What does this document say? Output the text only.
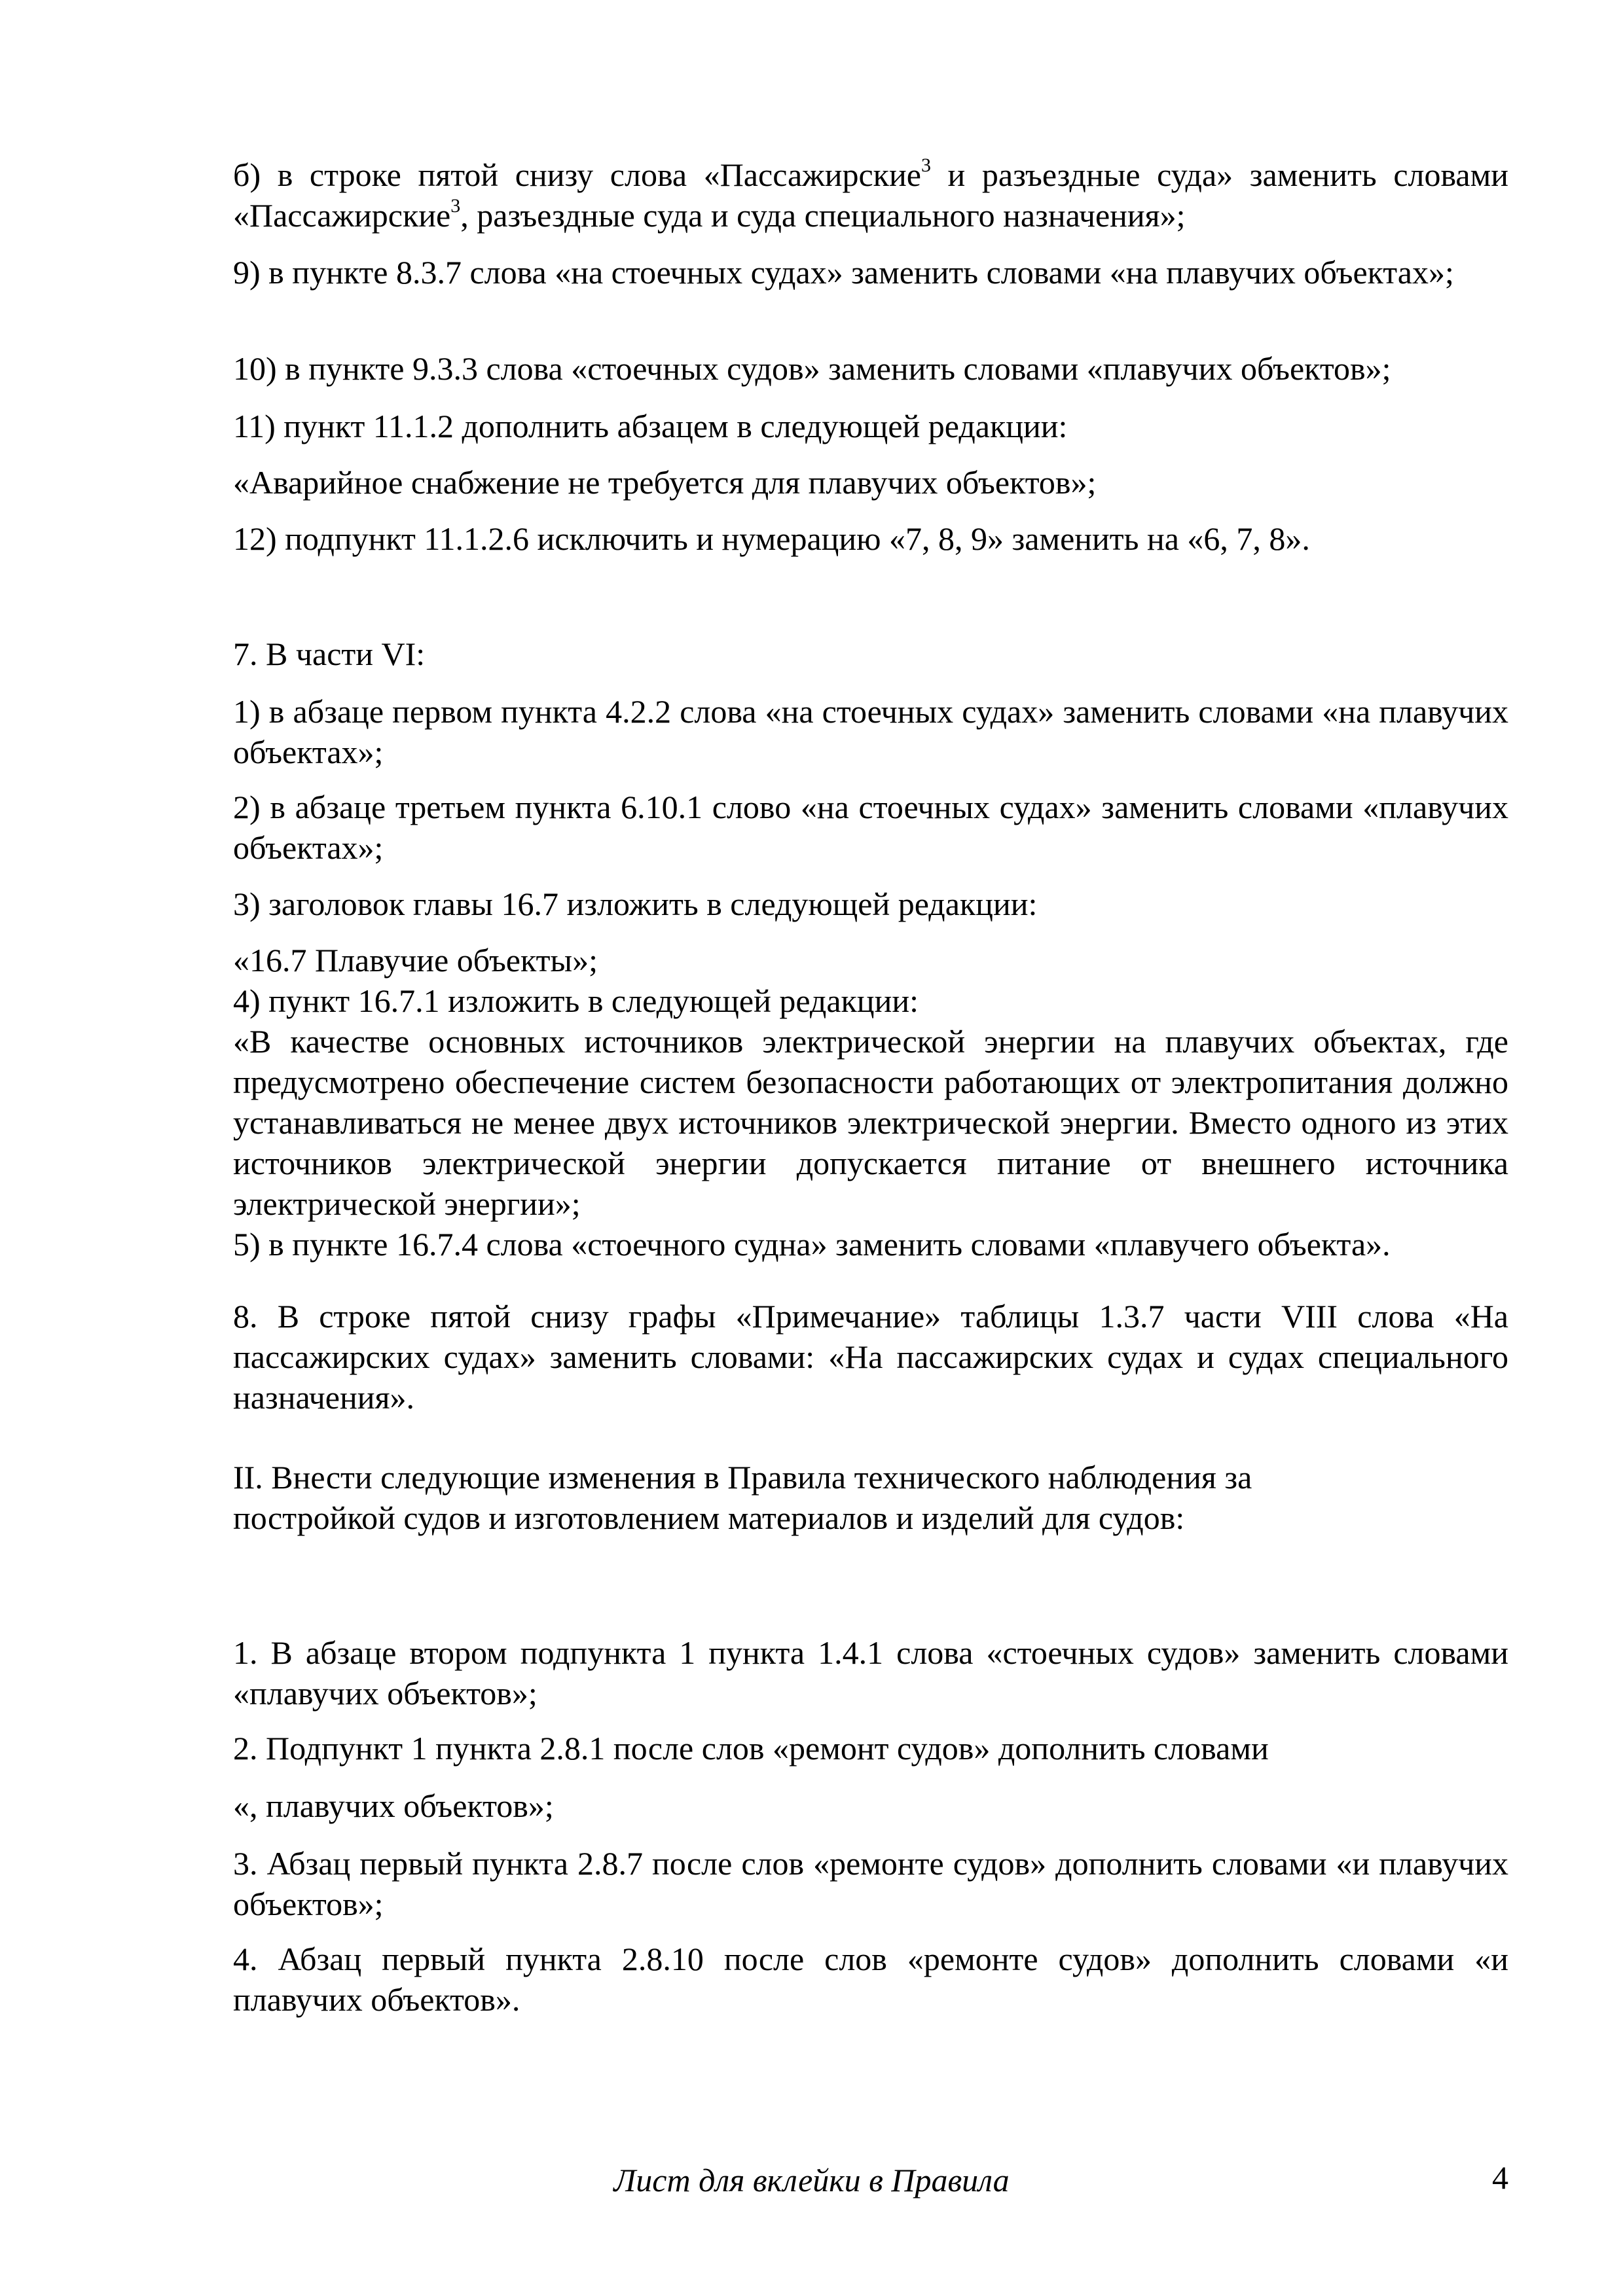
б) в строке пятой снизу слова «Пассажирские$^3$ и разъездные суда» заменить словами «Пассажирские$^3$, разъездные суда и суда специального назначения»;

9) в пункте 8.3.7 слова «на стоечных судах» заменить словами «на плавучих объектах»;

10) в пункте 9.3.3 слова «стоечных судов» заменить словами «плавучих объектов»;

11) пункт 11.1.2 дополнить абзацем в следующей редакции:

«Аварийное снабжение не требуется для плавучих объектов»;

12) подпункт 11.1.2.6 исключить и нумерацию «7, 8, 9» заменить на «6, 7, 8».

7. В части VI:

1) в абзаце первом пункта 4.2.2 слова «на стоечных судах» заменить словами «на плавучих объектах»;

2) в абзаце третьем пункта 6.10.1 слово «на стоечных судах» заменить словами «плавучих объектах»;

3) заголовок главы 16.7 изложить в следующей редакции:

«16.7 Плавучие объекты»;

4) пункт 16.7.1 изложить в следующей редакции:

«В качестве основных источников электрической энергии на плавучих объектах, где предусмотрено обеспечение систем безопасности работающих от электропитания должно устанавливаться не менее двух источников электрической энергии. Вместо одного из этих источников электрической энергии допускается питание от внешнего источника электрической энергии»;

5) в пункте 16.7.4 слова «стоечного судна» заменить словами «плавучего объекта».

8. В строке пятой снизу графы «Примечание» таблицы 1.3.7 части VIII слова «На пассажирских судах» заменить словами: «На пассажирских судах и судах специального назначения».

II. Внести следующие изменения в Правила технического наблюдения за

постройкой судов и изготовлением материалов и изделий для судов:

1. В абзаце втором подпункта 1 пункта 1.4.1 слова «стоечных судов» заменить словами «плавучих объектов»;

2. Подпункт 1 пункта 2.8.1 после слов «ремонт судов» дополнить словами

«, плавучих объектов»;

3. Абзац первый пункта 2.8.7 после слов «ремонте судов» дополнить словами «и плавучих объектов»;

4. Абзац первый пункта 2.8.10 после слов «ремонте судов» дополнить словами «и плавучих объектов».

Лист для вклейки в Правила	4
